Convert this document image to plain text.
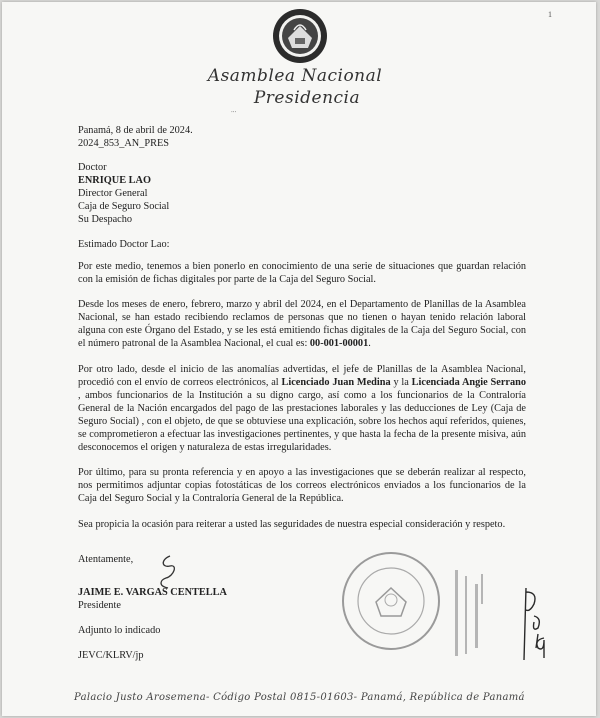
1
Asamblea Nacional
Presidencia
∙∙∙
Panamá, 8 de abril de 2024.
2024_853_AN_PRES
Doctor
ENRIQUE LAO
Director General
Caja de Seguro Social
Su Despacho
Estimado Doctor Lao:
Por este medio, tenemos a bien ponerlo en conocimiento de una serie de situaciones que guardan relación con la emisión de fichas digitales por parte de la Caja del Seguro Social.
Desde los meses de enero, febrero, marzo y abril del 2024, en el Departamento de Planillas de la Asamblea Nacional, se han estado recibiendo reclamos de personas que no tienen o hayan tenido relación laboral alguna con este Órgano del Estado, y se les está emitiendo fichas digitales de la Caja del Seguro Social, con el número patronal de la Asamblea Nacional, el cual es: 00-001-00001.
Por otro lado, desde el inicio de las anomalías advertidas, el jefe de Planillas de la Asamblea Nacional, procedió con el envío de correos electrónicos, al Licenciado Juan Medina y la Licenciada Angie Serrano , ambos funcionarios de la Institución a su digno cargo, así como a los funcionarios de la Contraloría General de la Nación encargados del pago de las prestaciones laborales y las deducciones de Ley (Caja de Seguro Social) , con el objeto, de que se obtuviese una explicación, sobre los hechos aquí referidos, quienes, se comprometieron a efectuar las investigaciones pertinentes, y que hasta la fecha de la presente misiva, aún desconocemos el origen y naturaleza de estas irregularidades.
Por último, para su pronta referencia y en apoyo a las investigaciones que se deberán realizar al respecto, nos permitimos adjuntar copias fotostáticas de los correos electrónicos enviados a los funcionarios de la Caja del Seguro Social y la Contraloría General de la República.
Sea propicia la ocasión para reiterar a usted las seguridades de nuestra especial consideración y respeto.
Atentamente,
JAIME E. VARGAS CENTELLA
Presidente
Adjunto lo indicado
JEVC/KLRV/jp
Palacio Justo Arosemena- Código Postal 0815-01603- Panamá, República de Panamá
